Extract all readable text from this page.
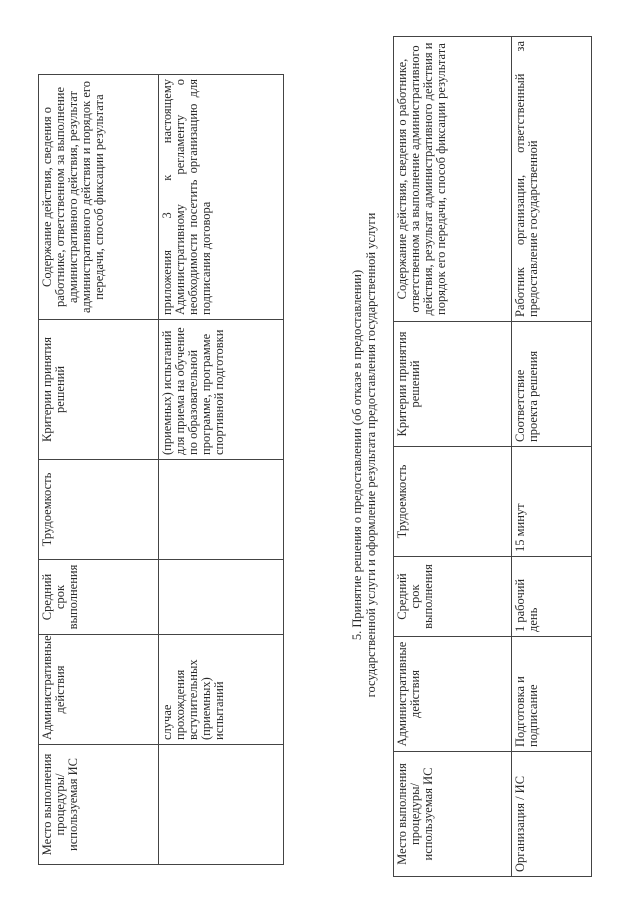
Место выполнения процедуры/используемая ИС	Административные действия	Средний срок выполнения	Трудоемкость	Критерии принятия решений	Содержание действия, сведения о работнике, ответственном за выполнение административного действия, результат административного действия и порядок его передачи, способ фиксации результата
	случае прохождения вступительных (приемных) испытаний			(приемных) испытаний для приема на обучение по образовательной программе, программе спортивной подготовки	приложения 3 к настоящему Административному регламенту о необходимости посетить организацию для подписания договора
5. Принятие решения о предоставлении (об отказе в предоставлении) государственной услуги и оформление результата предоставления государственной услуги
Место выполнения процедуры/используемая ИС	Административные действия	Средний срок выполнения	Трудоемкость	Критерии принятия решений	Содержание действия, сведения о работнике, ответственном за выполнение административного действия, результат административного действия и порядок его передачи, способ фиксации результата
Организация / ИС	Подготовка и подписание	1 рабочий день	15 минут	Соответствие проекта решения	Работник организации, ответственный за предоставление государственной
